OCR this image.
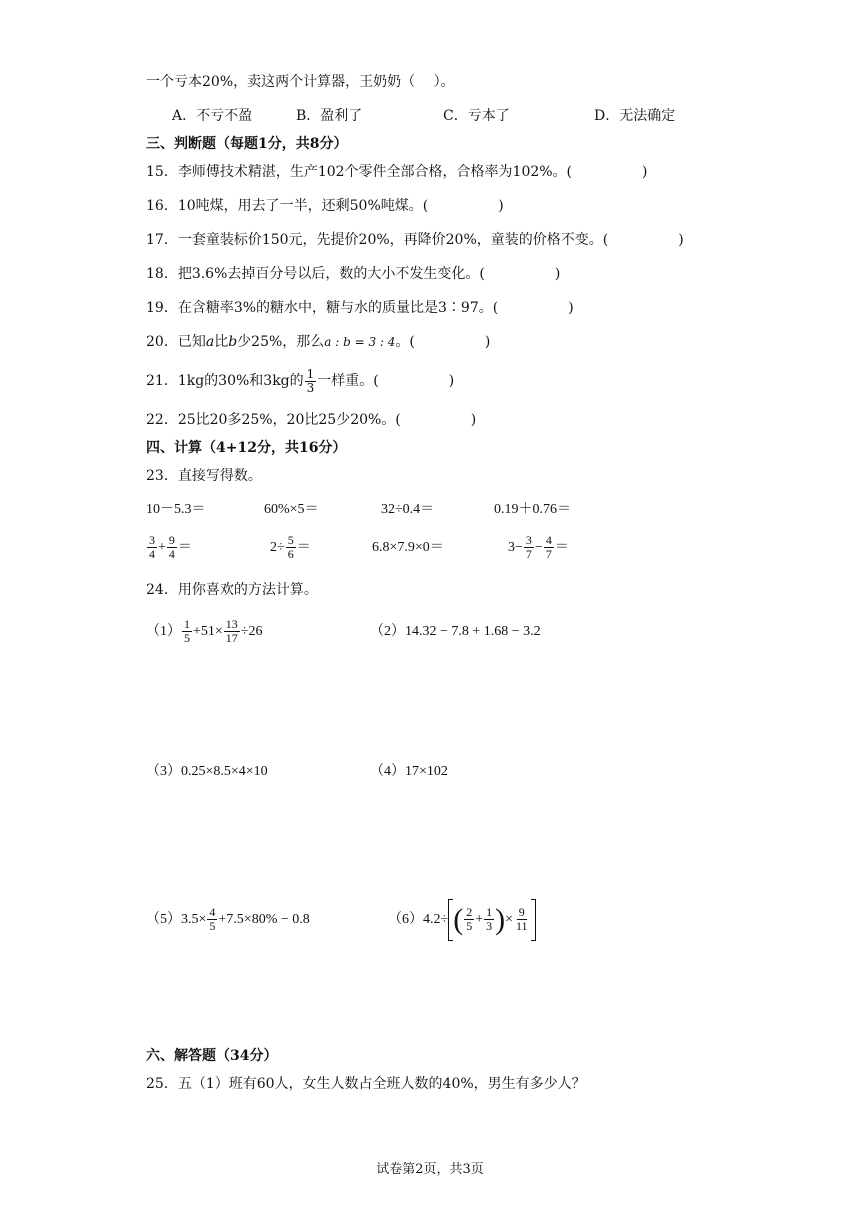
一个亏本20%，卖这两个计算器，王奶奶（　 ）。
A．不亏不盈	B．盈利了	C．亏本了	D．无法确定
三、判断题（每题1分，共8分）
15．李师傅技术精湛，生产102个零件全部合格，合格率为102%。(　　　　　)
16．10吨煤，用去了一半，还剩50%吨煤。(　　　　　)
17．一套童装标价150元，先提价20%，再降价20%，童装的价格不变。(　　　　　)
18．把3.6%去掉百分号以后，数的大小不发生变化。(　　　　　)
19．在含糖率3%的糖水中，糖与水的质量比是3∶97。(　　　　　)
20．已知a比b少25%，那么a : b = 3 : 4。(　　　　　)
21．1kg的30%和3kg的 $\frac{1}{3}$ 一样重。(　　　　　)
22．25比20多25%，20比25少20%。(　　　　　)
四、计算（4+12分，共16分）
23．直接写得数。
10－5.3＝	60%×5＝	32÷0.4＝	0.19＋0.76＝
$\frac{3}{4} + \frac{9}{4}$ ＝	$2\div \frac{5}{6}$ ＝	6.8×7.9×0＝	$3- \frac{3}{7} - \frac{4}{7}$ ＝
24．用你喜欢的方法计算。
$(1) \frac{1}{5} +51\times \frac{13}{17} \div 26$	（2）14.32 − 7.8 + 1.68 − 3.2
（3）0.25×8.5×4×10	（4）17×102
$(5)3.5\times \frac{4}{5} +7.5\times 80\% - 0.8$	（6）4.2÷ ( $\frac{2}{5} + \frac{1}{3}$ )× $\frac{9}{11}$
六、解答题（34分）
25．五（1）班有60人，女生人数占全班人数的40%，男生有多少人？
试卷第2页，共3页
